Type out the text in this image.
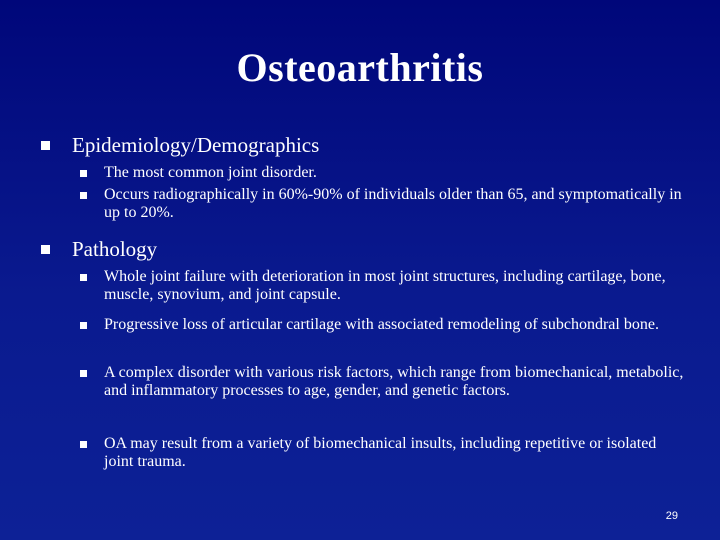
Osteoarthritis
Epidemiology/Demographics
The most common joint disorder.
Occurs radiographically in 60%-90% of individuals older than 65, and symptomatically in up to 20%.
Pathology
Whole joint failure with deterioration in most joint structures, including cartilage, bone, muscle, synovium, and joint capsule.
Progressive loss of articular cartilage with associated remodeling of subchondral bone.
A complex disorder with various risk factors, which range from biomechanical, metabolic, and inflammatory processes to age, gender, and genetic factors.
OA may result from a variety of biomechanical insults, including repetitive or isolated joint trauma.
29
